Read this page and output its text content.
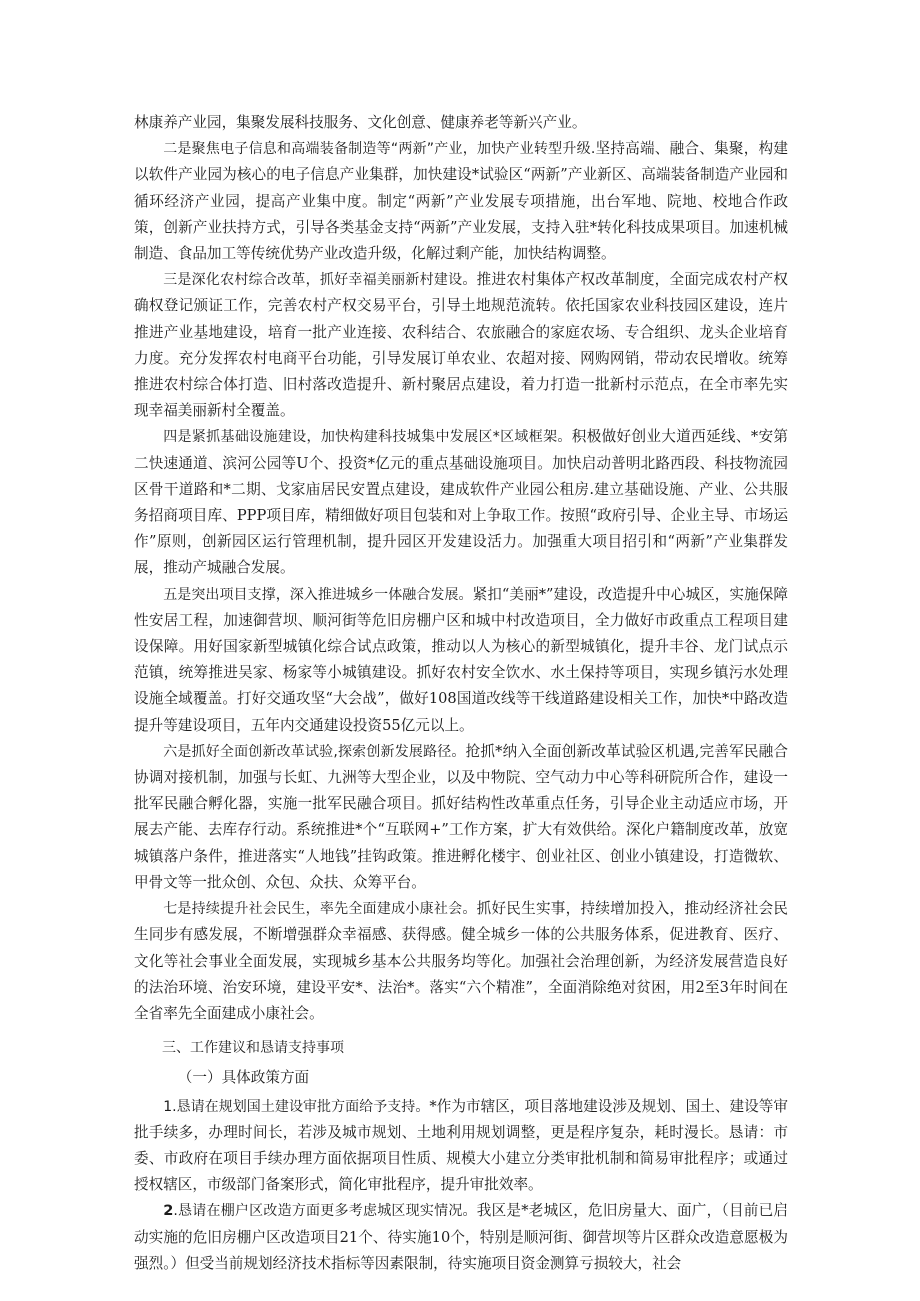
林康养产业园，集聚发展科技服务、文化创意、健康养老等新兴产业。

二是聚焦电子信息和高端装备制造等“两新”产业，加快产业转型升级.坚持高端、融合、集聚，构建以软件产业园为核心的电子信息产业集群，加快建设*试验区“两新”产业新区、高端装备制造产业园和循环经济产业园，提高产业集中度。制定“两新”产业发展专项措施，出台军地、院地、校地合作政策，创新产业扶持方式，引导各类基金支持“两新”产业发展，支持入驻*转化科技成果项目。加速机械制造、食品加工等传统优势产业改造升级，化解过剩产能，加快结构调整。

三是深化农村综合改革，抓好幸福美丽新村建设。推进农村集体产权改革制度，全面完成农村产权确权登记颁证工作，完善农村产权交易平台，引导土地规范流转。依托国家农业科技园区建设，连片推进产业基地建设，培育一批产业连接、农科结合、农旅融合的家庭农场、专合组织、龙头企业培育力度。充分发挥农村电商平台功能，引导发展订单农业、农超对接、网购网销，带动农民增收。统筹推进农村综合体打造、旧村落改造提升、新村聚居点建设，着力打造一批新村示范点，在全市率先实现幸福美丽新村全覆盖。

四是紧抓基础设施建设，加快构建科技城集中发展区*区域框架。积极做好创业大道西延线、*安第二快速通道、滨河公园等U个、投资*亿元的重点基础设施项目。加快启动普明北路西段、科技物流园区骨干道路和*二期、戈家庙居民安置点建设，建成软件产业园公租房.建立基础设施、产业、公共服务招商项目库、PPP项目库，精细做好项目包装和对上争取工作。按照“政府引导、企业主导、市场运作”原则，创新园区运行管理机制，提升园区开发建设活力。加强重大项目招引和“两新”产业集群发展，推动产城融合发展。

五是突出项目支撑，深入推进城乡一体融合发展。紧扣“美丽*”建设，改造提升中心城区，实施保障性安居工程，加速御营坝、顺河街等危旧房棚户区和城中村改造项目，全力做好市政重点工程项目建设保障。用好国家新型城镇化综合试点政策，推动以人为核心的新型城镇化，提升丰谷、龙门试点示范镇，统筹推进吴家、杨家等小城镇建设。抓好农村安全饮水、水土保持等项目，实现乡镇污水处理设施全域覆盖。打好交通攻坚“大会战”，做好108国道改线等干线道路建设相关工作，加快*中路改造提升等建设项目，五年内交通建设投资55亿元以上。

六是抓好全面创新改革试验,探索创新发展路径。抢抓*纳入全面创新改革试验区机遇,完善军民融合协调对接机制，加强与长虹、九洲等大型企业，以及中物院、空气动力中心等科研院所合作，建设一批军民融合孵化器，实施一批军民融合项目。抓好结构性改革重点任务，引导企业主动适应市场，开展去产能、去库存行动。系统推进*个“互联网+”工作方案，扩大有效供给。深化户籍制度改革，放宽城镇落户条件，推进落实“人地钱”挂钩政策。推进孵化楼宇、创业社区、创业小镇建设，打造微软、甲骨文等一批众创、众包、众扶、众筹平台。

七是持续提升社会民生，率先全面建成小康社会。抓好民生实事，持续增加投入，推动经济社会民生同步有感发展，不断增强群众幸福感、获得感。健全城乡一体的公共服务体系，促进教育、医疗、文化等社会事业全面发展，实现城乡基本公共服务均等化。加强社会治理创新，为经济发展营造良好的法治环境、治安环境，建设平安*、法治*。落实“六个精准”，全面消除绝对贫困，用2至3年时间在全省率先全面建成小康社会。

三、工作建议和恳请支持事项

（一）具体政策方面

1.恳请在规划国土建设审批方面给予支持。*作为市辖区，项目落地建设涉及规划、国土、建设等审批手续多，办理时间长，若涉及城市规划、土地利用规划调整，更是程序复杂，耗时漫长。恳请：市委、市政府在项目手续办理方面依据项目性质、规模大小建立分类审批机制和简易审批程序；或通过授权辖区，市级部门备案形式，简化审批程序，提升审批效率。

2.恳请在棚户区改造方面更多考虑城区现实情况。我区是*老城区，危旧房量大、面广，（目前已启动实施的危旧房棚户区改造项目21个、待实施10个，特别是顺河街、御营坝等片区群众改造意愿极为强烈。）但受当前规划经济技术指标等因素限制，待实施项目资金测算亏损较大，社会
